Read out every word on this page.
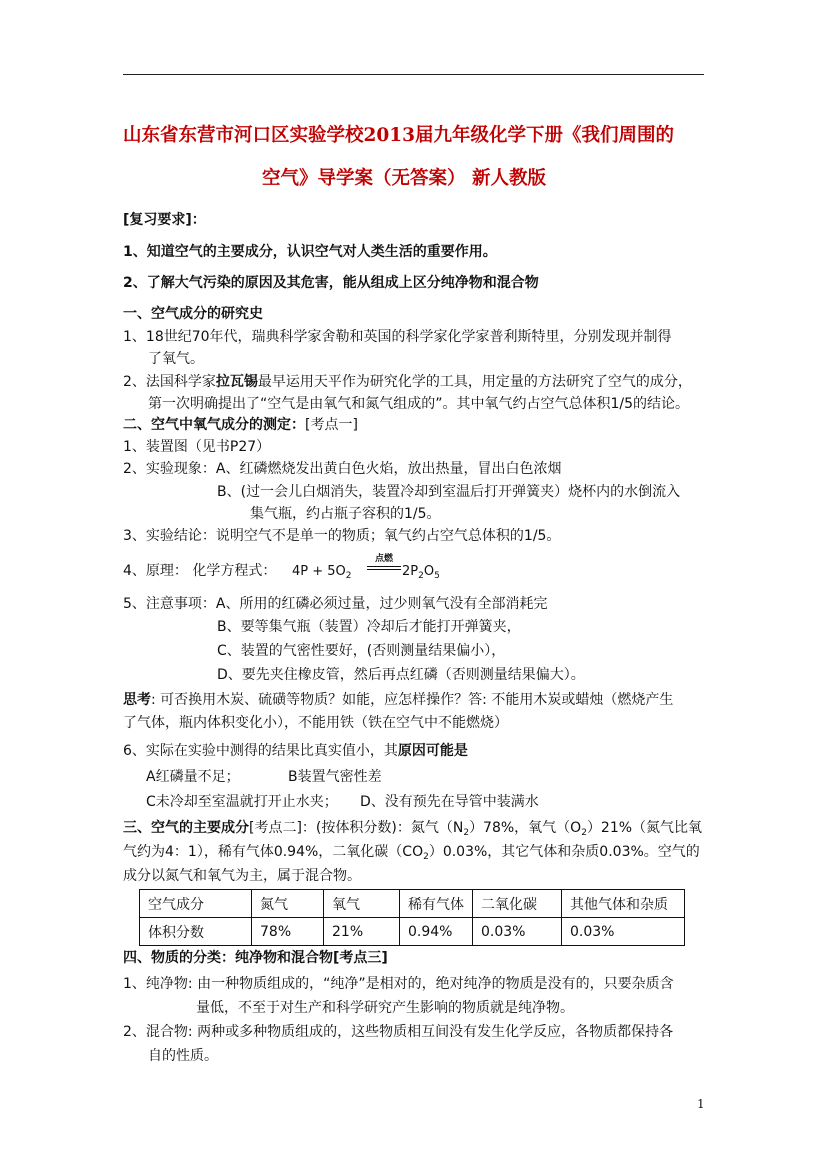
山东省东营市河口区实验学校2013届九年级化学下册《我们周围的
空气》导学案（无答案） 新人教版
[复习要求]：
1、知道空气的主要成分，认识空气对人类生活的重要作用。
2、了解大气污染的原因及其危害，能从组成上区分纯净物和混合物
一、空气成分的研究史
1、18世纪70年代，瑞典科学家舍勒和英国的科学家化学家普利斯特里，分别发现并制得
了氧气。
2、法国科学家拉瓦锡最早运用天平作为研究化学的工具，用定量的方法研究了空气的成分，
第一次明确提出了“空气是由氧气和氮气组成的”。其中氧气约占空气总体积1/5的结论。
二、空气中氧气成分的测定：[考点一]
1、装置图（见书P27）
2、实验现象：A、红磷燃烧发出黄白色火焰，放出热量，冒出白色浓烟
B、(过一会儿白烟消失，装置冷却到室温后打开弹簧夹）烧杯内的水倒流入
集气瓶，约占瓶子容积的1/5。
3、实验结论：说明空气不是单一的物质；氧气约占空气总体积的1/5。
4、原理： 化学方程式： $4P + 5O_2$
点燃
$2P_2O_5$
5、注意事项：A、所用的红磷必须过量，过少则氧气没有全部消耗完
B、要等集气瓶（装置）冷却后才能打开弹簧夹，
C、装置的气密性要好，(否则测量结果偏小），
D、要先夹住橡皮管，然后再点红磷（否则测量结果偏大）。
思考: 可否换用木炭、硫磺等物质？如能，应怎样操作？答: 不能用木炭或蜡烛（燃烧产生
了气体，瓶内体积变化小），不能用铁（铁在空气中不能燃烧）
6、实际在实验中测得的结果比真实值小，其原因可能是
A红磷量不足；	B装置气密性差
C未冷却至室温就打开止水夹； D、没有预先在导管中装满水
三、空气的主要成分[考点二]：(按体积分数)：氮气$(N_2)78\%$，氧气$(O_2)21\%$（氮气比氧
气约为4：1），稀有气体0.94%，二氧化碳$(CO_2)0.03\%$，其它气体和杂质0.03%。空气的
成分以氮气和氧气为主，属于混合物。
空气成分	氮气	氧气	稀有气体	二氧化碳	其他气体和杂质
体积分数	78%	21%	0.94%	0.03%	0.03%
四、物质的分类：纯净物和混合物[考点三]
1、纯净物: 由一种物质组成的，“纯净”是相对的，绝对纯净的物质是没有的，只要杂质含
量低，不至于对生产和科学研究产生影响的物质就是纯净物。
2、混合物: 两种或多种物质组成的，这些物质相互间没有发生化学反应，各物质都保持各
自的性质。
1
